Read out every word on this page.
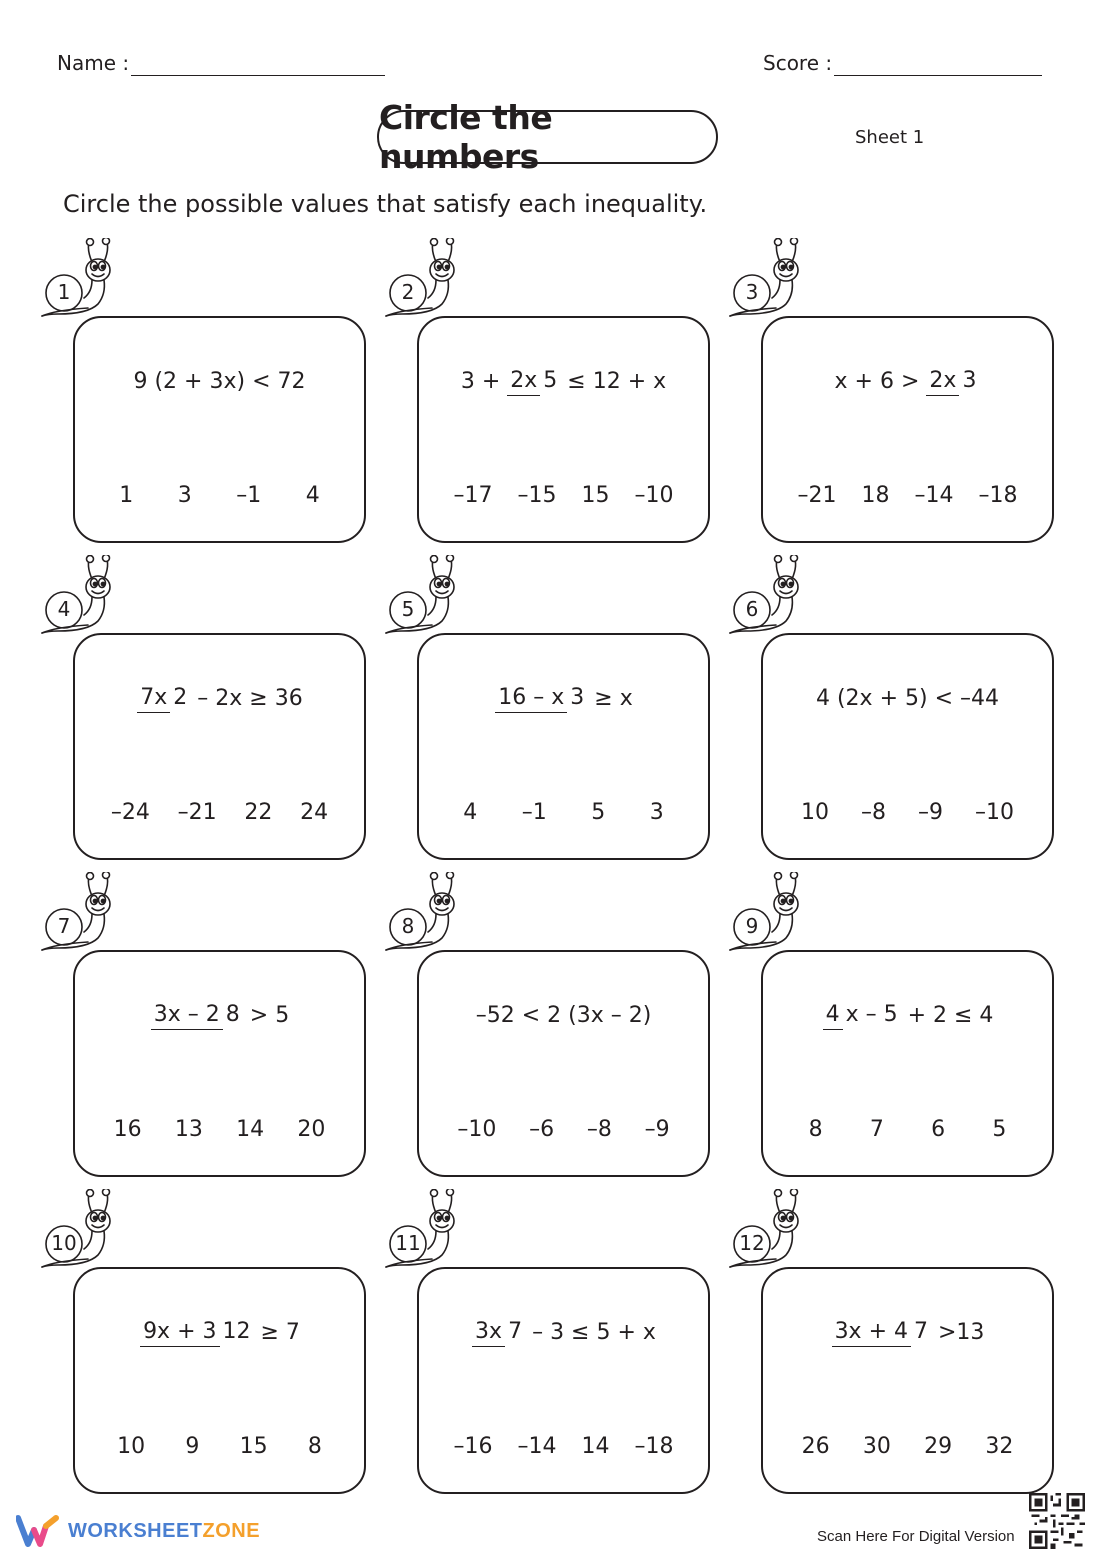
Name :	Score :
Circle the numbers	Sheet 1
Circle the possible values that satisfy each inequality.
1
9 (2 + 3x) < 72
1 3 –1 4
2
3 + 2x 5 ≤ 12 + x
–17 –15 15 –10
3
x + 6 > 2x 3
–21 18 –14 –18
4
7x 2 – 2x ≥ 36
–24 –21 22 24
5
16 – x 3 ≥ x
4 –1 5 3
6
4 (2x + 5) < –44
10 –8 –9 –10
7
3x – 2 8 > 5
16 13 14 20
8
–52 < 2 (3x – 2)
–10 –6 –8 –9
9
4 x – 5 + 2 ≤ 4
8 7 6 5
10
9x + 3 12 ≥ 7
10 9 15 8
11
3x 7 – 3 ≤ 5 + x
–16 –14 14 –18
12
3x + 4 7 >13
26 30 29 32
WORKSHEETZONE	Scan Here For Digital Version
